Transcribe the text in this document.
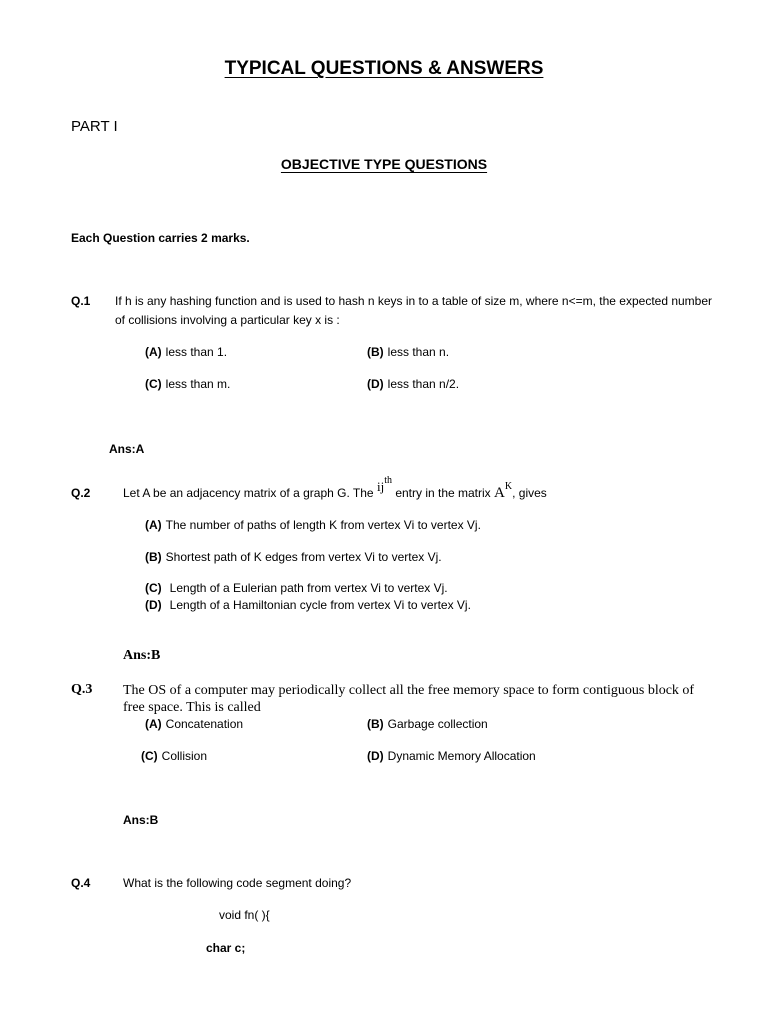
TYPICAL QUESTIONS & ANSWERS
PART I
OBJECTIVE TYPE QUESTIONS
Each Question carries 2 marks.
Q.1 If h is any hashing function and is used to hash n keys in to a table of size m, where n<=m, the expected number of collisions involving a particular key x is :
(A) less than 1.	(B) less than n.
(C) less than m.	(D) less than n/2.
Ans:A
Q.2	Let A be an adjacency matrix of a graph G. The $ij^{th}$ entry in the matrix $A^K$, gives
(A) The number of paths of length K from vertex Vi to vertex Vj.
(B) Shortest path of K edges from vertex Vi to vertex Vj.
(C) Length of a Eulerian path from vertex Vi to vertex Vj.
(D) Length of a Hamiltonian cycle from vertex Vi to vertex Vj.
Ans:B
Q.3 The OS of a computer may periodically collect all the free memory space to form contiguous block of free space. This is called
(A) Concatenation	(B) Garbage collection
(C) Collision	(D) Dynamic Memory Allocation
Ans:B
Q.4	What is the following code segment doing?
void fn( ){
char c;
